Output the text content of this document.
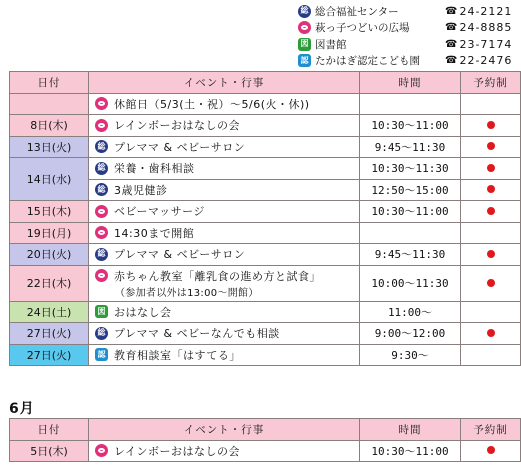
総 総合福祉センター	☎ 24-2121
萩っ子つどいの広場	☎ 24-8885
図 図書館	☎ 23-7174
認 たかはぎ認定こども園	☎ 22-2476
日付	イベント・行事	時間	予約制

	休館日（5/3(土・祝）～5/6(火・休))		

8日(木)	レインボーおはなしの会	10:30～11:00	
13日(火)	総 プレママ & ベビーサロン	9:45～11:30	
14日(水)	総 栄養・歯科相談	10:30～11:30	

総 3歳児健診	12:50～15:00	
15日(木)	ベビーマッサージ	10:30～11:00	
19日(月)	14:30まで開館		

20日(火)	総 プレママ & ベビーサロン	9:45～11:30	
22日(木)	赤ちゃん教室「離乳食の進め方と試食」
（参加者以外は13:00～開館）	10:00～11:30	
24日(土)	図 おはなし会	11:00～	
27日(火)	総 プレママ & ベビーなんでも相談	9:00～12:00	
27日(火)	認 教育相談室「はすてる」	9:30～	
6月
日付	イベント・行事	時間	予約制
5日(木)	レインボーおはなしの会	10:30～11:00	
